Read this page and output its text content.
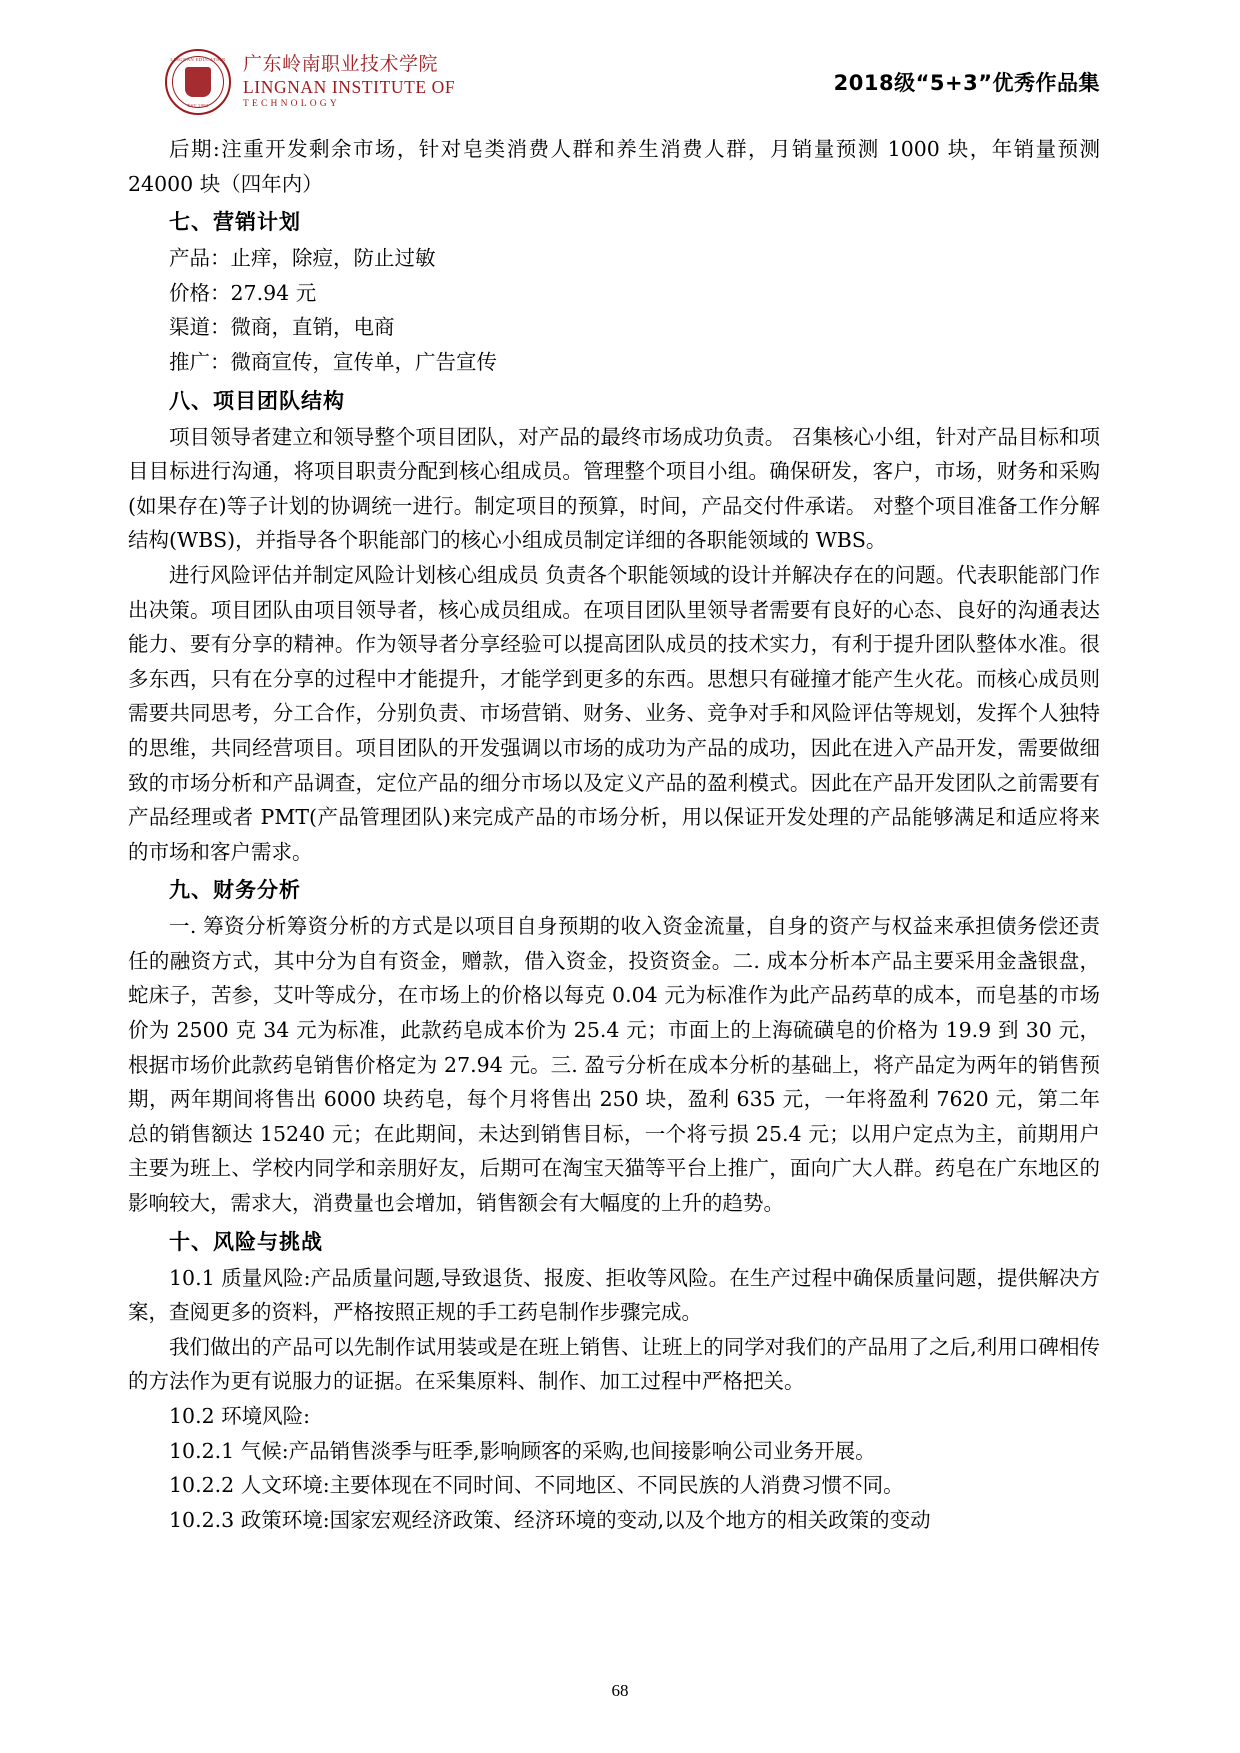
LINGNAN EDUCATION
EST.1993
广东岭南职业技术学院
LINGNAN INSTITUTE OF
TECHNOLOGY
2018级“5+3”优秀作品集

后期:注重开发剩余市场，针对皂类消费人群和养生消费人群，月销量预测 1000 块，年销量预测 24000 块（四年内）

七、营销计划

产品：止痒，除痘，防止过敏

价格：27.94 元

渠道：微商，直销，电商

推广：微商宣传，宣传单，广告宣传

八、项目团队结构

项目领导者建立和领导整个项目团队，对产品的最终市场成功负责。 召集核心小组，针对产品目标和项目目标进行沟通，将项目职责分配到核心组成员。管理整个项目小组。确保研发，客户，市场，财务和采购(如果存在)等子计划的协调统一进行。制定项目的预算，时间，产品交付件承诺。 对整个项目准备工作分解结构(WBS)，并指导各个职能部门的核心小组成员制定详细的各职能领域的 WBS。

进行风险评估并制定风险计划核心组成员 负责各个职能领域的设计并解决存在的问题。代表职能部门作出决策。项目团队由项目领导者，核心成员组成。在项目团队里领导者需要有良好的心态、良好的沟通表达能力、要有分享的精神。作为领导者分享经验可以提高团队成员的技术实力，有利于提升团队整体水准。很多东西，只有在分享的过程中才能提升，才能学到更多的东西。思想只有碰撞才能产生火花。而核心成员则需要共同思考，分工合作，分别负责、市场营销、财务、业务、竞争对手和风险评估等规划，发挥个人独特的思维，共同经营项目。项目团队的开发强调以市场的成功为产品的成功，因此在进入产品开发，需要做细致的市场分析和产品调查，定位产品的细分市场以及定义产品的盈利模式。因此在产品开发团队之前需要有产品经理或者 PMT(产品管理团队)来完成产品的市场分析，用以保证开发处理的产品能够满足和适应将来的市场和客户需求。

九、财务分析

一. 筹资分析筹资分析的方式是以项目自身预期的收入资金流量，自身的资产与权益来承担债务偿还责任的融资方式，其中分为自有资金，赠款，借入资金，投资资金。二. 成本分析本产品主要采用金盏银盘，蛇床子，苦参，艾叶等成分，在市场上的价格以每克 0.04 元为标准作为此产品药草的成本，而皂基的市场价为 2500 克 34 元为标准，此款药皂成本价为 25.4 元；市面上的上海硫磺皂的价格为 19.9 到 30 元，根据市场价此款药皂销售价格定为 27.94 元。三. 盈亏分析在成本分析的基础上，将产品定为两年的销售预期，两年期间将售出 6000 块药皂，每个月将售出 250 块，盈利 635 元，一年将盈利 7620 元，第二年总的销售额达 15240 元；在此期间，未达到销售目标，一个将亏损 25.4 元；以用户定点为主，前期用户主要为班上、学校内同学和亲朋好友，后期可在淘宝天猫等平台上推广，面向广大人群。药皂在广东地区的影响较大，需求大，消费量也会增加，销售额会有大幅度的上升的趋势。

十、风险与挑战

10.1 质量风险:产品质量问题,导致退货、报废、拒收等风险。在生产过程中确保质量问题，提供解决方案，查阅更多的资料，严格按照正规的手工药皂制作步骤完成。

我们做出的产品可以先制作试用装或是在班上销售、让班上的同学对我们的产品用了之后,利用口碑相传的方法作为更有说服力的证据。在采集原料、制作、加工过程中严格把关。

10.2 环境风险:

10.2.1 气候:产品销售淡季与旺季,影响顾客的采购,也间接影响公司业务开展。

10.2.2 人文环境:主要体现在不同时间、不同地区、不同民族的人消费习惯不同。

10.2.3 政策环境:国家宏观经济政策、经济环境的变动,以及个地方的相关政策的变动

68
